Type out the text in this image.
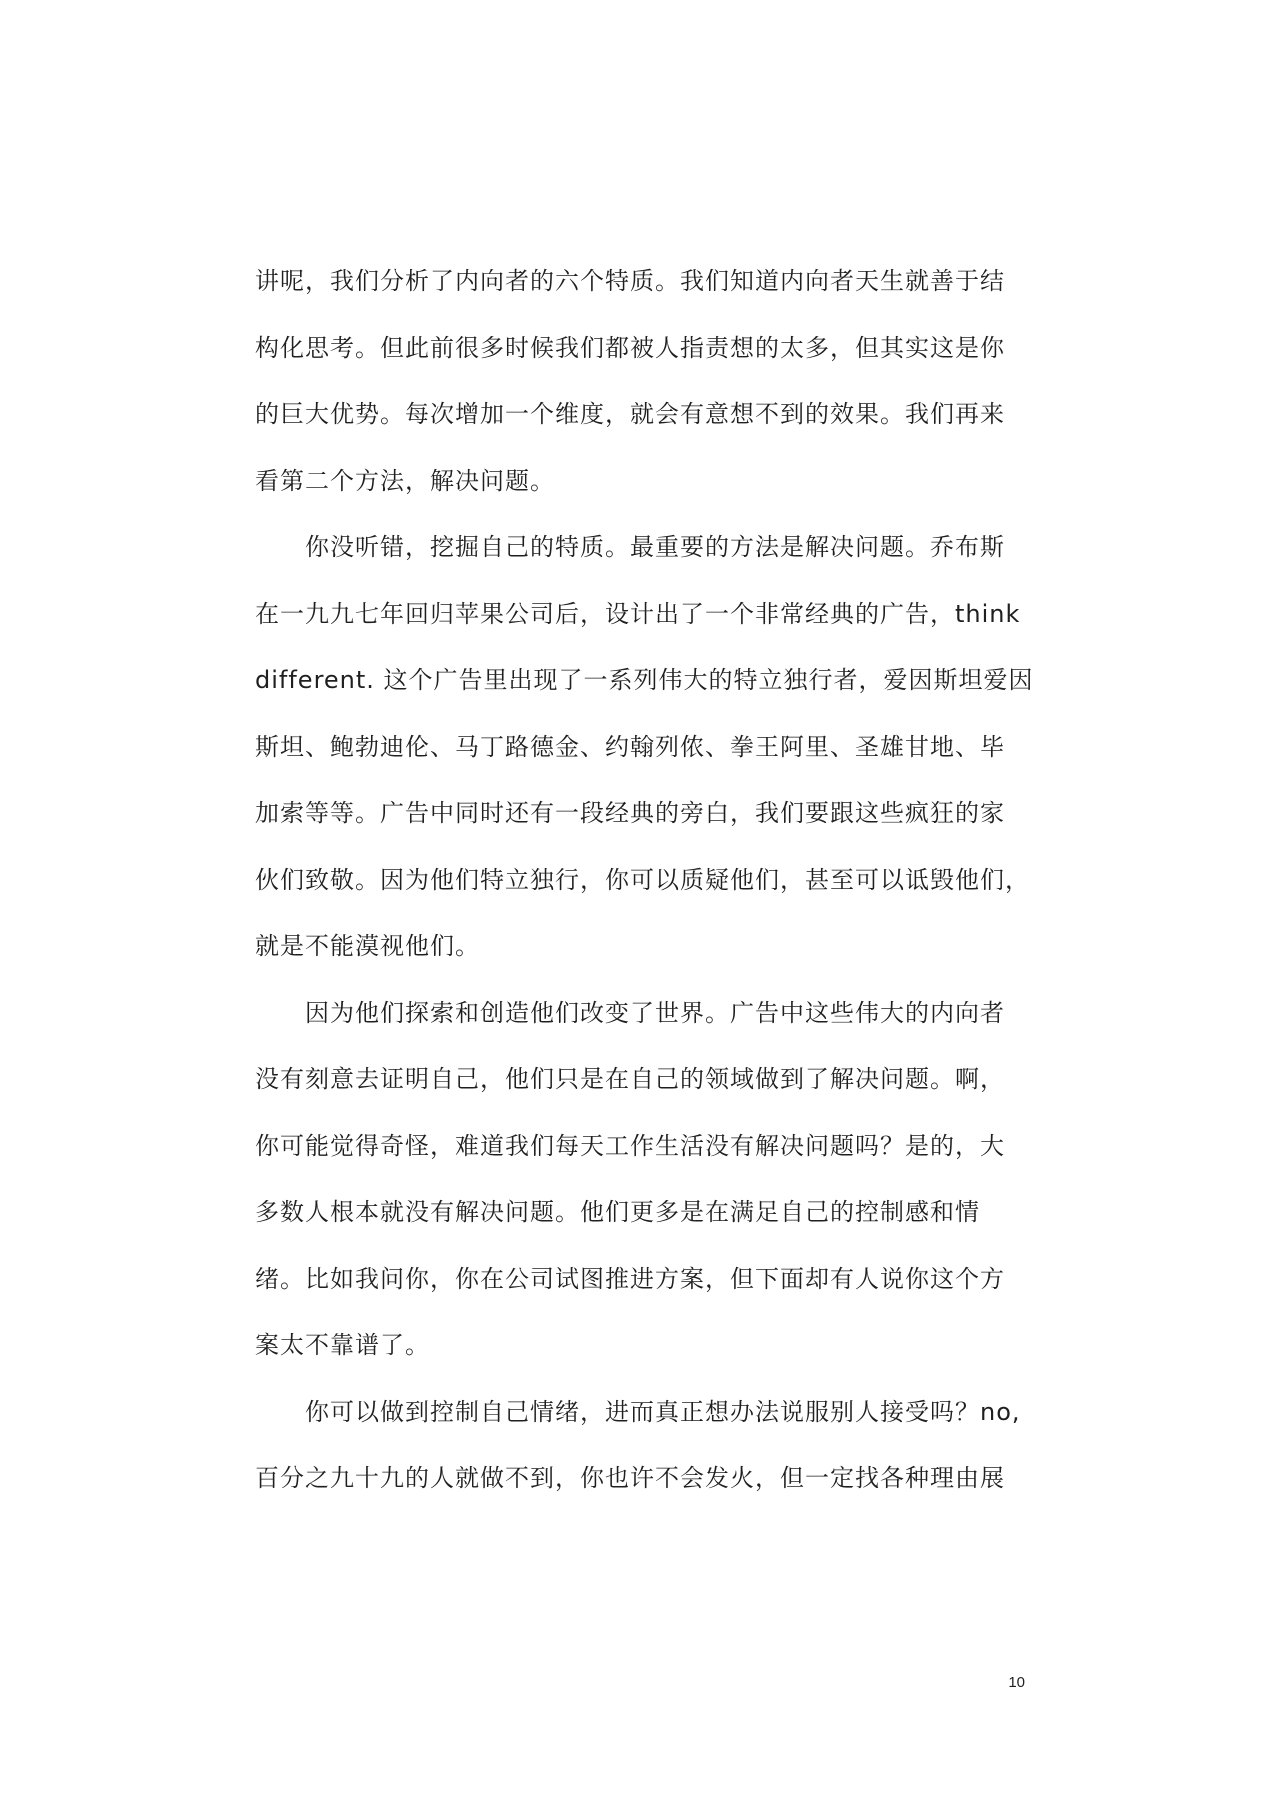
讲呢，我们分析了内向者的六个特质。我们知道内向者天生就善于结
构化思考。但此前很多时候我们都被人指责想的太多，但其实这是你
的巨大优势。每次增加一个维度，就会有意想不到的效果。我们再来
看第二个方法，解决问题。
你没听错，挖掘自己的特质。最重要的方法是解决问题。乔布斯
在一九九七年回归苹果公司后，设计出了一个非常经典的广告，think
different. 这个广告里出现了一系列伟大的特立独行者，爱因斯坦爱因
斯坦、鲍勃迪伦、马丁路德金、约翰列侬、拳王阿里、圣雄甘地、毕
加索等等。广告中同时还有一段经典的旁白，我们要跟这些疯狂的家
伙们致敬。因为他们特立独行，你可以质疑他们，甚至可以诋毁他们，
就是不能漠视他们。
因为他们探索和创造他们改变了世界。广告中这些伟大的内向者
没有刻意去证明自己，他们只是在自己的领域做到了解决问题。啊，
你可能觉得奇怪，难道我们每天工作生活没有解决问题吗？是的，大
多数人根本就没有解决问题。他们更多是在满足自己的控制感和情
绪。比如我问你，你在公司试图推进方案，但下面却有人说你这个方
案太不靠谱了。
你可以做到控制自己情绪，进而真正想办法说服别人接受吗？no,
百分之九十九的人就做不到，你也许不会发火，但一定找各种理由展
10
